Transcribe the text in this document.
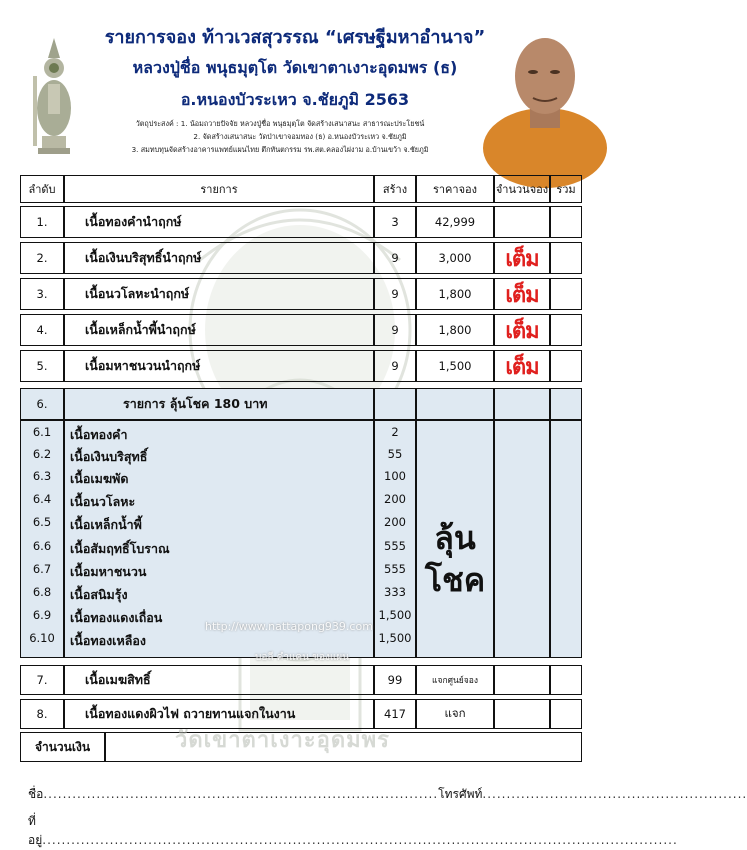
รายการจอง ท้าวเวสสุวรรณ “เศรษฐีมหาอำนาจ”
หลวงปู่ชื่อ พนุธมุตฺโต วัดเขาตาเงาะอุดมพร (ธ)
อ.หนองบัวระเหว จ.ชัยภูมิ 2563
วัตถุประสงค์ : 1. น้อมถวายปัจจัย หลวงปู่ชื่อ พนุธมุตฺโต จัดสร้างเสนาสนะ สาธารณะประโยชน์
2. จัดสร้างเสนาสนะ วัดป่าเขาจอมทอง (ธ) อ.หนองบัวระเหว จ.ชัยภูมิ
3. สมทบทุนจัดสร้างอาคารแพทย์แผนไทย ตึกทันตกรรม รพ.สต.คลองไผ่งาม อ.บ้านเขว้า จ.ชัยภูมิ
ลำดับ	รายการ	สร้าง	ราคาจอง	จำนวนจอง รวม
1.	เนื้อทองคำนำฤกษ์	3	42,999
2.	เนื้อเงินบริสุทธิ์นำฤกษ์	9	3,000	เต็ม
3.	เนื้อนวโลหะนำฤกษ์	9	1,800	เต็ม
4.	เนื้อเหล็กน้ำพี้นำฤกษ์	9	1,800	เต็ม
5.	เนื้อมหาชนวนนำฤกษ์	9	1,500	เต็ม
6.	รายการ ลุ้นโชค 180 บาท
6.1	เนื้อทองคำ	2
6.2	เนื้อเงินบริสุทธิ์	55
6.3	เนื้อเมฆพัด	100
6.4	เนื้อนวโลหะ	200
6.5	เนื้อเหล็กน้ำพี้	200
6.6	เนื้อสัมฤทธิ์โบราณ	555
6.7	เนื้อมหาชนวน	555
6.8	เนื้อสนิมรุ้ง	333
6.9	เนื้อทองแดงเถื่อน	1,500
6.10	เนื้อทองเหลือง	1,500
ลุ้น
โชค
7.	เนื้อเมฆสิทธิ์	99	แจกศูนย์จอง
8.	เนื้อทองแดงผิวไฟ ถวายทานแจกในงาน	417	แจก
จำนวนเงิน
http://www.nattapong939.com
บอลี คำแคน ของแผน
วัดเขาตาเงาะอุดมพร
ชื่อ..................................................................................โทรศัพท์.......................................................
ที่อยู่....................................................................................................................................
